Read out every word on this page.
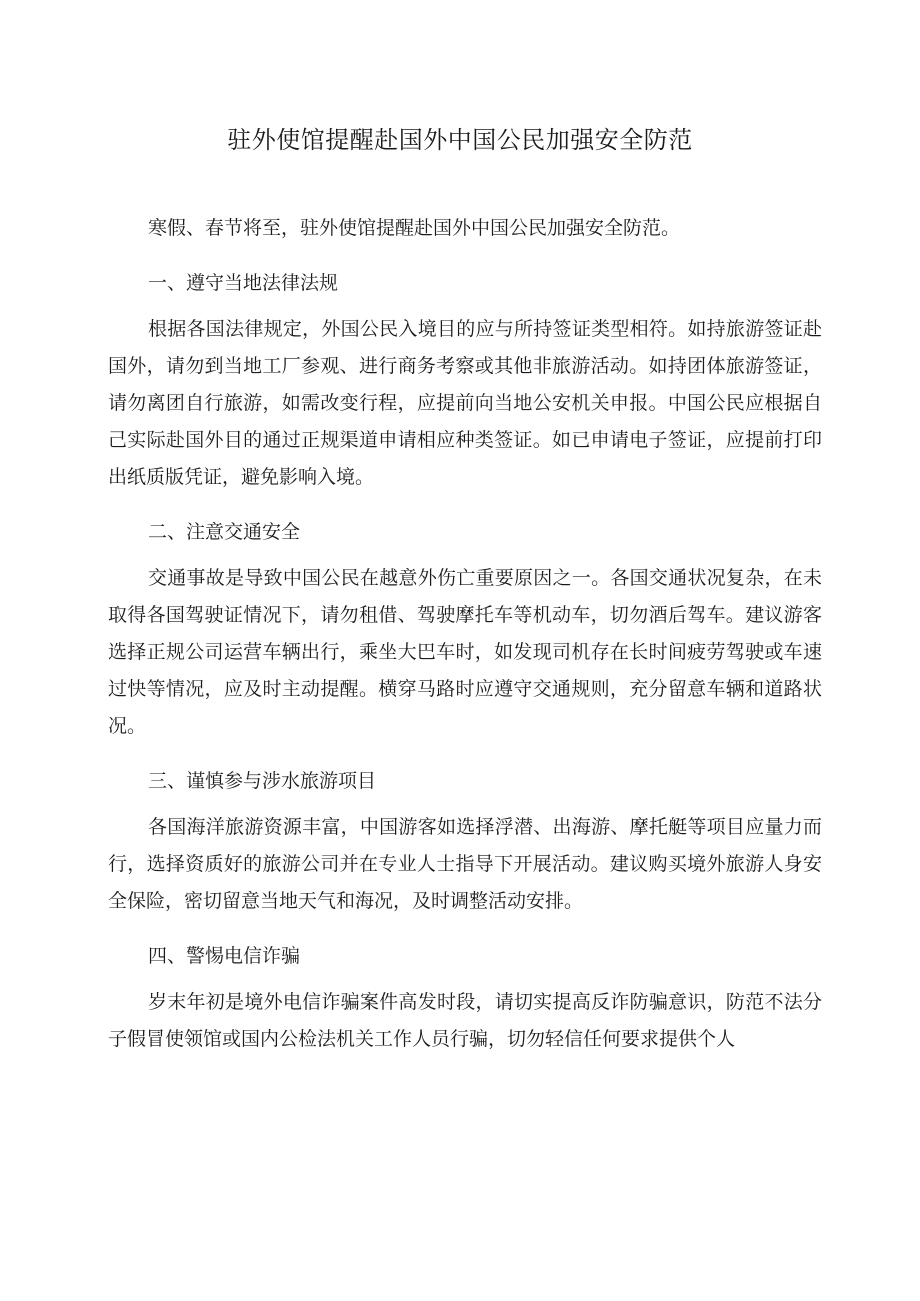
驻外使馆提醒赴国外中国公民加强安全防范

寒假、春节将至，驻外使馆提醒赴国外中国公民加强安全防范。

一、遵守当地法律法规

根据各国法律规定，外国公民入境目的应与所持签证类型相符。如持旅游签证赴国外，请勿到当地工厂参观、进行商务考察或其他非旅游活动。如持团体旅游签证，请勿离团自行旅游，如需改变行程，应提前向当地公安机关申报。中国公民应根据自己实际赴国外目的通过正规渠道申请相应种类签证。如已申请电子签证，应提前打印出纸质版凭证，避免影响入境。

二、注意交通安全

交通事故是导致中国公民在越意外伤亡重要原因之一。各国交通状况复杂，在未取得各国驾驶证情况下，请勿租借、驾驶摩托车等机动车，切勿酒后驾车。建议游客选择正规公司运营车辆出行，乘坐大巴车时，如发现司机存在长时间疲劳驾驶或车速过快等情况，应及时主动提醒。横穿马路时应遵守交通规则，充分留意车辆和道路状况。

三、谨慎参与涉水旅游项目

各国海洋旅游资源丰富，中国游客如选择浮潜、出海游、摩托艇等项目应量力而行，选择资质好的旅游公司并在专业人士指导下开展活动。建议购买境外旅游人身安全保险，密切留意当地天气和海况，及时调整活动安排。

四、警惕电信诈骗

岁末年初是境外电信诈骗案件高发时段，请切实提高反诈防骗意识，防范不法分子假冒使领馆或国内公检法机关工作人员行骗，切勿轻信任何要求提供个人
